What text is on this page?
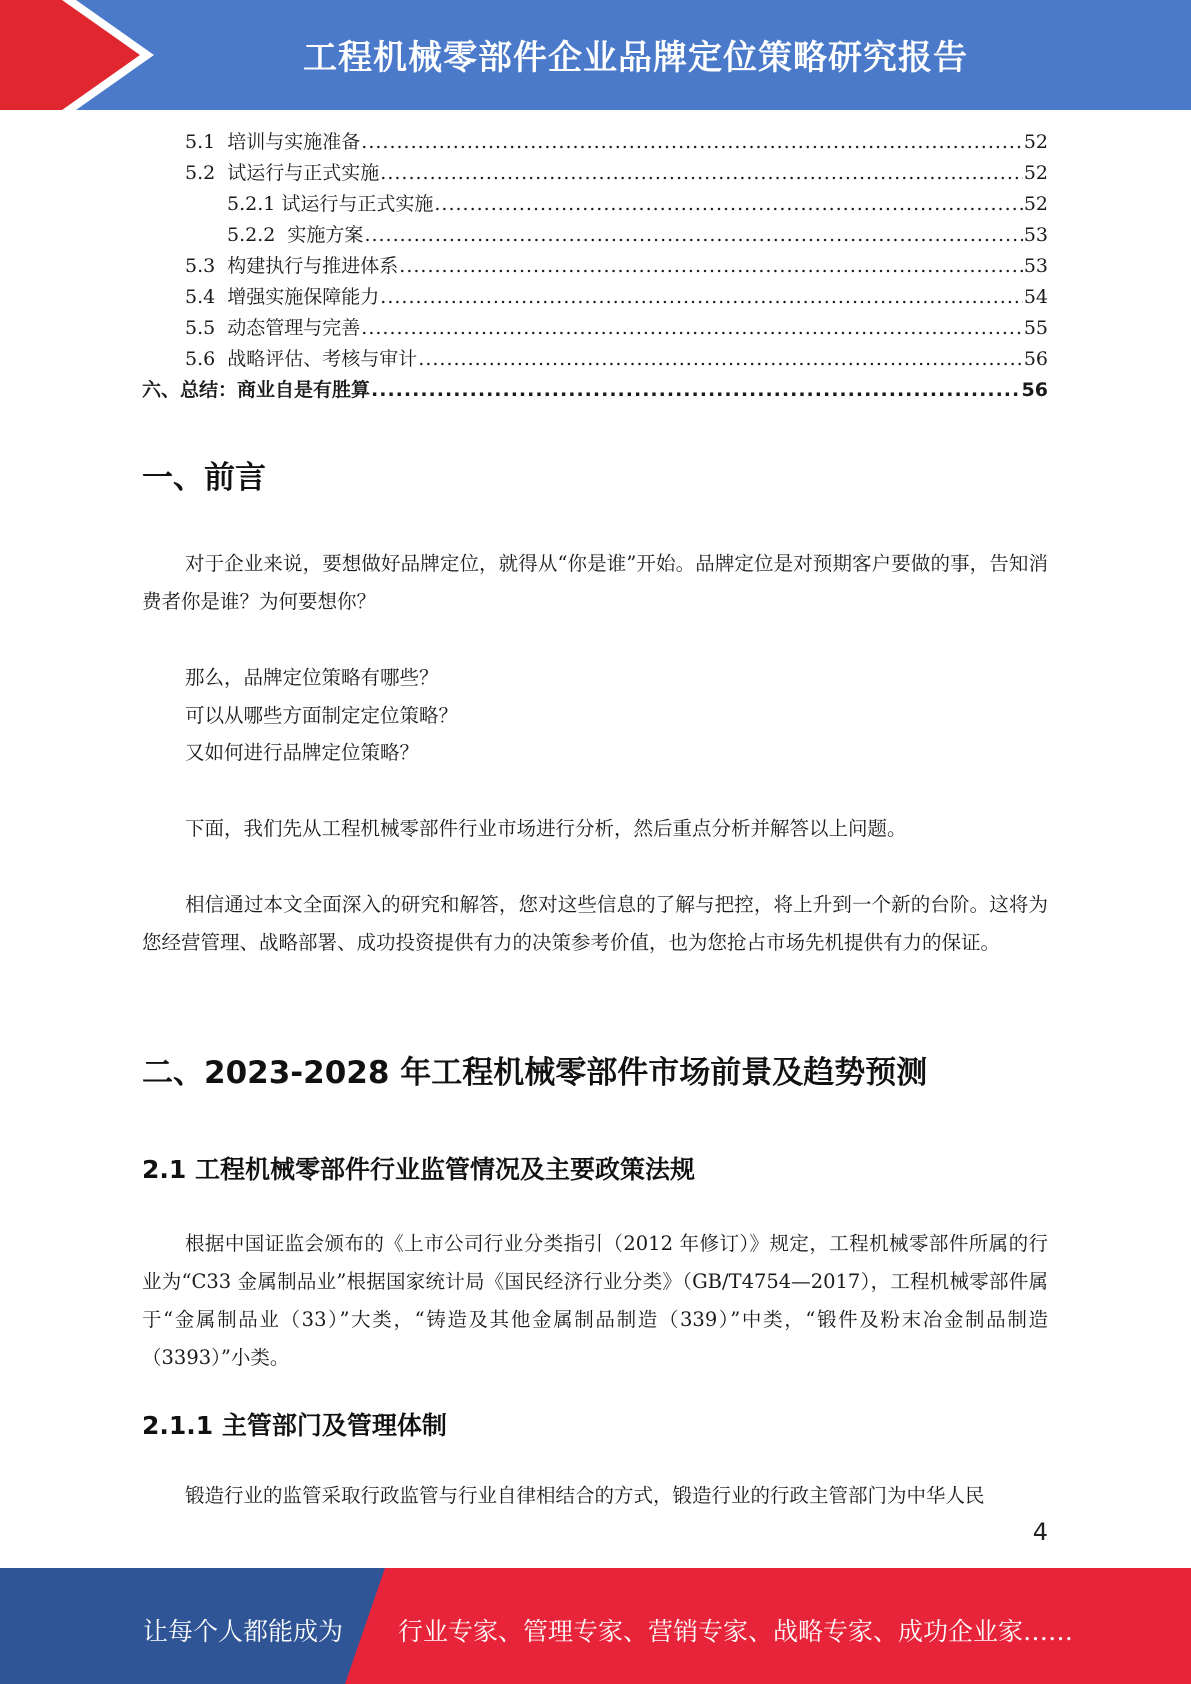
工程机械零部件企业品牌定位策略研究报告
5.1  培训与实施准备 .....	52
5.2  试运行与正式实施 .....	52
5.2.1 试运行与正式实施 .....	52
5.2.2  实施方案 .....	53
5.3  构建执行与推进体系 .....	53
5.4  增强实施保障能力 .....	54
5.5  动态管理与完善 .....	55
5.6  战略评估、考核与审计 .....	56
六、总结：商业自是有胜算 .....	56
一、前言

对于企业来说，要想做好品牌定位，就得从“你是谁”开始。品牌定位是对预期客户要做的事，告知消费者你是谁？为何要想你？

那么，品牌定位策略有哪些？

可以从哪些方面制定定位策略？

又如何进行品牌定位策略？

下面，我们先从工程机械零部件行业市场进行分析，然后重点分析并解答以上问题。

相信通过本文全面深入的研究和解答，您对这些信息的了解与把控，将上升到一个新的台阶。这将为您经营管理、战略部署、成功投资提供有力的决策参考价值，也为您抢占市场先机提供有力的保证。

二、2023-2028 年工程机械零部件市场前景及趋势预测
2.1 工程机械零部件行业监管情况及主要政策法规

根据中国证监会颁布的《上市公司行业分类指引（2012 年修订）》规定，工程机械零部件所属的行业为“C33 金属制品业”根据国家统计局《国民经济行业分类》（GB/T4754—2017），工程机械零部件属于“金属制品业（33）”大类，“铸造及其他金属制品制造（339）”中类，“锻件及粉末冶金制品制造（3393）”小类。

2.1.1 主管部门及管理体制

锻造行业的监管采取行政监管与行业自律相结合的方式，锻造行业的行政主管部门为中华人民

4
让每个人都能成为 行业专家、管理专家、营销专家、战略专家、成功企业家……
